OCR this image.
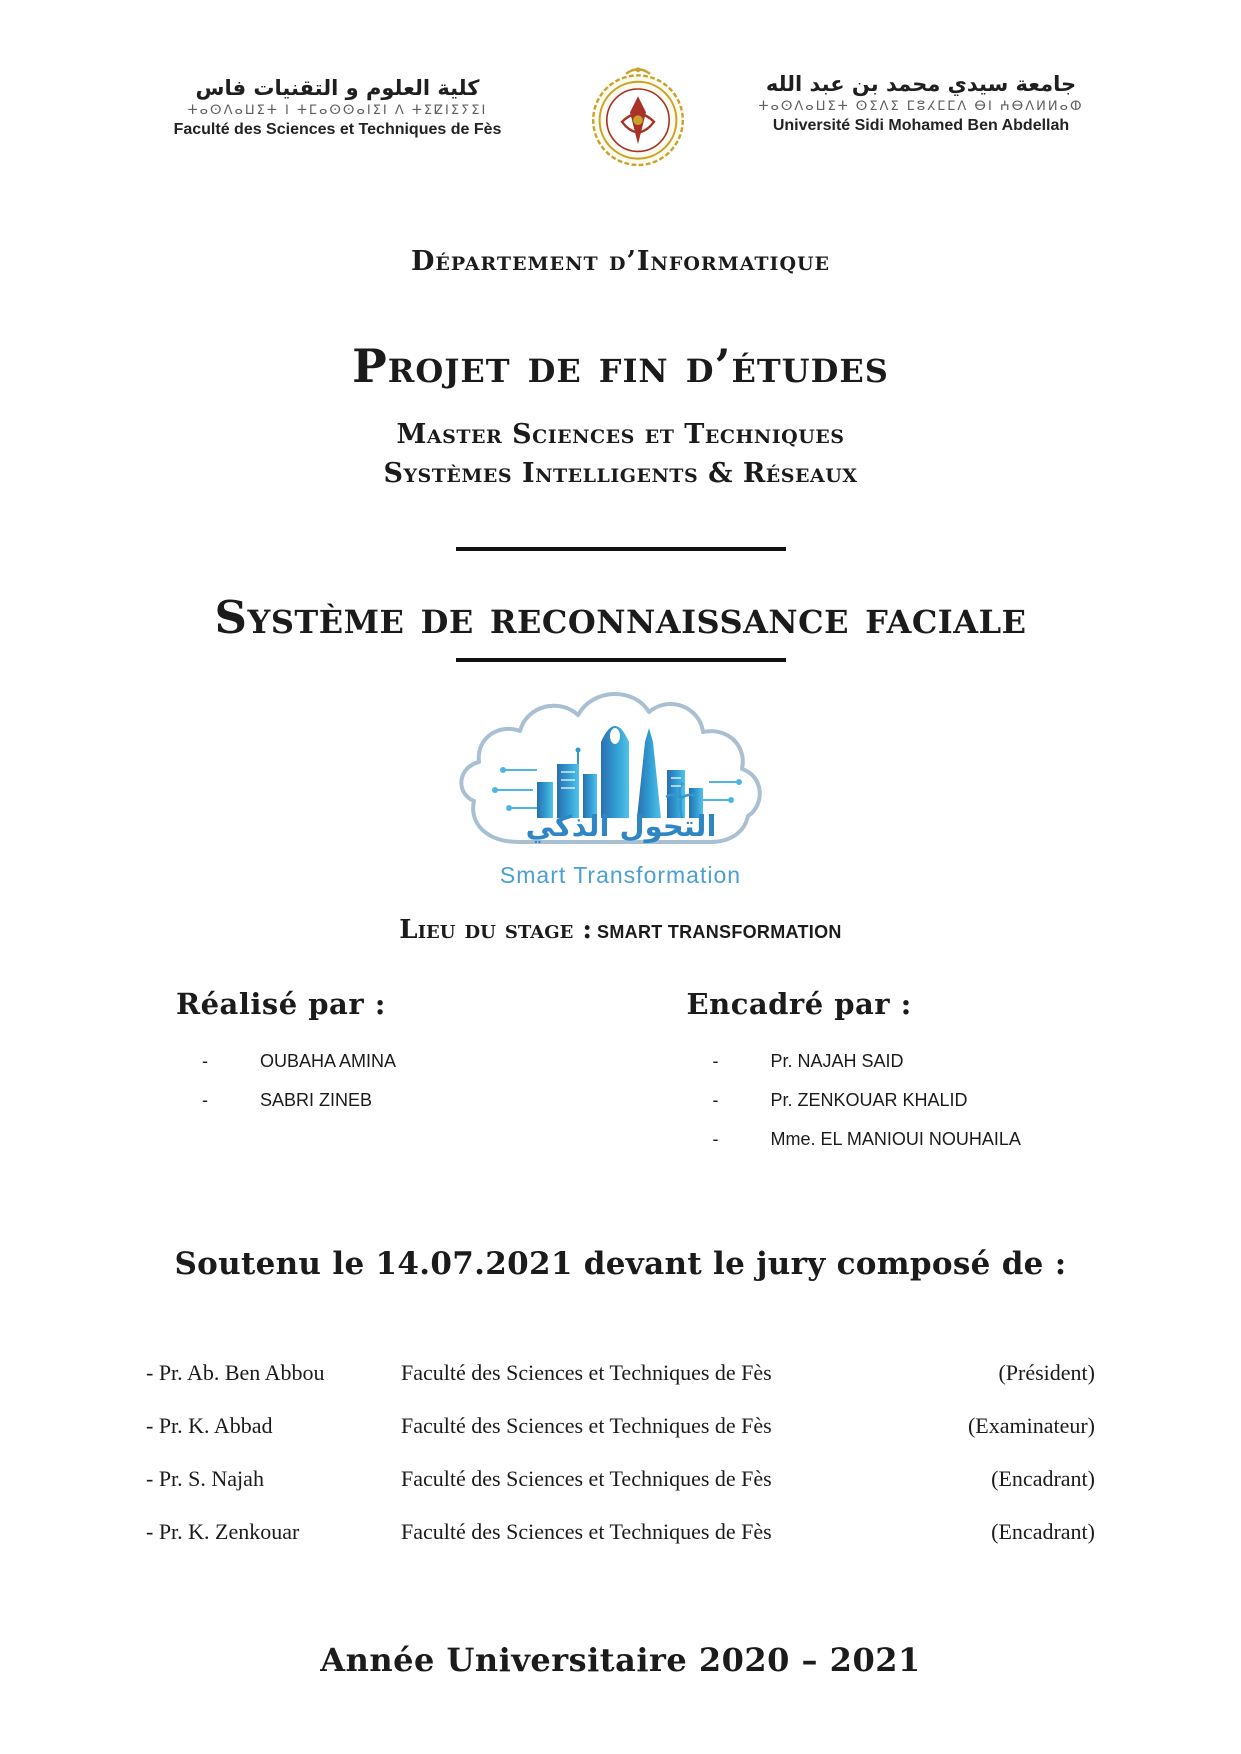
كلية العلوم و التقنيات فاس
ⵜⴰⵙⴷⴰⵡⵉⵜ ⵏ ⵜⵎⴰⵙⵙⴰⵏⵉⵏ ⴷ ⵜⵉⵇⵏⵉⵢⵉⵏ
Faculté des Sciences et Techniques de Fès
جامعة سيدي محمد بن عبد الله
ⵜⴰⵙⴷⴰⵡⵉⵜ ⵙⵉⴷⵉ ⵎⵓⵃⵎⵎⴷ ⴱⵏ ⵄⴱⴷⵍⵍⴰⵀ
Université Sidi Mohamed Ben Abdellah
Département d’Informatique
Projet de fin d’études
Master Sciences et Techniques
Systèmes Intelligents & Réseaux
Système de reconnaissance faciale
التحول الذكي
Smart Transformation
Lieu du stage : SMART TRANSFORMATION
Réalisé par :
- OUBAHA AMINA
- SABRI ZINEB
Encadré par :
- Pr. NAJAH SAID
- Pr. ZENKOUAR KHALID
- Mme. EL MANIOUI NOUHAILA
Soutenu le 14.07.2021 devant le jury composé de :
- Pr. Ab. Ben Abbou	Faculté des Sciences et Techniques de Fès	(Président)
- Pr. K. Abbad	Faculté des Sciences et Techniques de Fès	(Examinateur)
- Pr. S. Najah	Faculté des Sciences et Techniques de Fès	(Encadrant)
- Pr. K. Zenkouar	Faculté des Sciences et Techniques de Fès	(Encadrant)
Année Universitaire 2020 – 2021
